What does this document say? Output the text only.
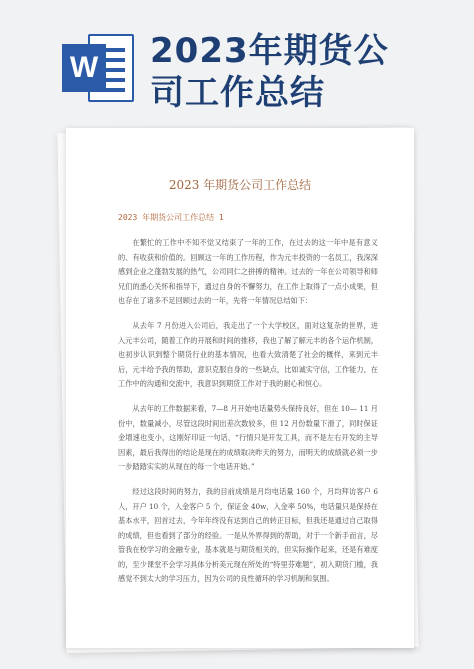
W 2023年期货公司工作总结
2023 年期货公司工作总结
2023 年期货公司工作总结 1

在繁忙的工作中不知不觉又结束了一年的工作，在过去的这一年中是有意义的、有收获和价值的。回顾这一年的工作历程，作为元丰投资的一名员工，我深深感到企业之蓬勃发展的热气，公司同仁之拼搏的精神。过去的一年在公司领导和师兄们的悉心关怀和指导下，通过自身的不懈努力，在工作上取得了一点小成果，但也存在了诸多不足回顾过去的一年，先将一年情况总结如下：

从去年 7 月份进入公司后，我走出了一个大学校区，面对这复杂的世界，进入元丰公司，随着工作的开展和时间的推移，我也了解了解元丰的各个运作机制，也初步认识到整个期货行业的基本情况，也看大致清楚了社会的概样，来到元丰后，元丰给予我的帮助，意识克服自身的一些缺点，比如诚实守信，工作能力，在工作中的沟通和交流中，我意识到期货工作对于我的耐心和恒心。

从去年的工作数据来看，7—8 月开始电话量势头保持良好，但在 10— 11 月份中，数量减小，尽管这段时间出差次数较多，但 12 月份数量下滑了，同时保证金增速也变小，这刚好印证一句话，“行情只是开发工具，而不是左右开发的主导因素，最后我得出的结论是现在的成绩取决昨天的努力，而明天的成绩就必须一步一步踏踏实实的从现在的每一个电话开始。”

经过这段时间的努力，我的目前成绩是月均电话量 160 个，月均拜访客户 6 人，开户 10 个，入金客户 5 个，保证金 40w，入金率 50%，电话量只是保持在基本水平，回首过去，今年年终没有达到自己的转正目标，但我还是通过自己取得的成绩，但也看到了部分的经验。一是从外界得到的帮助，对于一个新手而言，尽管我在校学习的金融专业，基本就是与期货相关的，但实际操作起来，还是有难度的，至少课堂不会学习具体分析美元现在所处的“特里芬难题”，初入期货门槛，我感觉不到太大的学习压力，因为公司的良性循环的学习机制和氛围。
